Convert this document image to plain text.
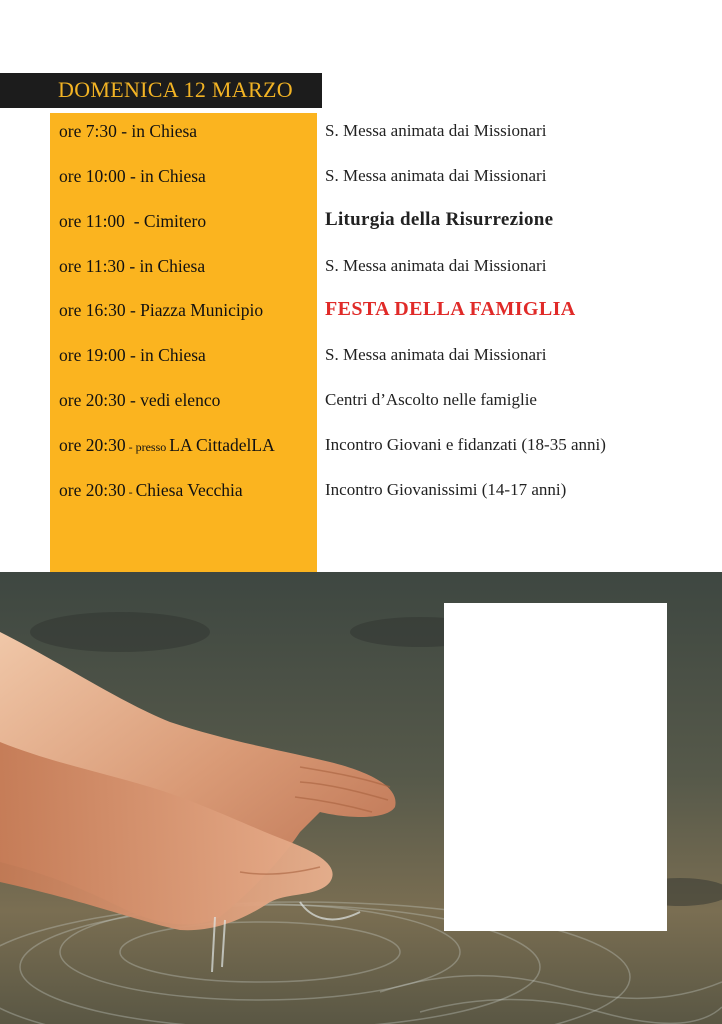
DOMENICA 12 MARZO
ore 7:30 - in Chiesa	S. Messa animata dai Missionari
ore 10:00 - in Chiesa	S. Messa animata dai Missionari
ore 11:00  - Cimitero	Liturgia della Risurrezione
ore 11:30 - in Chiesa	S. Messa animata dai Missionari
ore 16:30 - Piazza Municipio	FESTA DELLA FAMIGLIA
ore 19:00 - in Chiesa	S. Messa animata dai Missionari
ore 20:30 - vedi elenco	Centri d’Ascolto nelle famiglie
ore 20:30 - presso LA CittadelLA	Incontro Giovani e fidanzati (18-35 anni)
ore 20:30 - Chiesa Vecchia	Incontro Giovanissimi (14-17 anni)
